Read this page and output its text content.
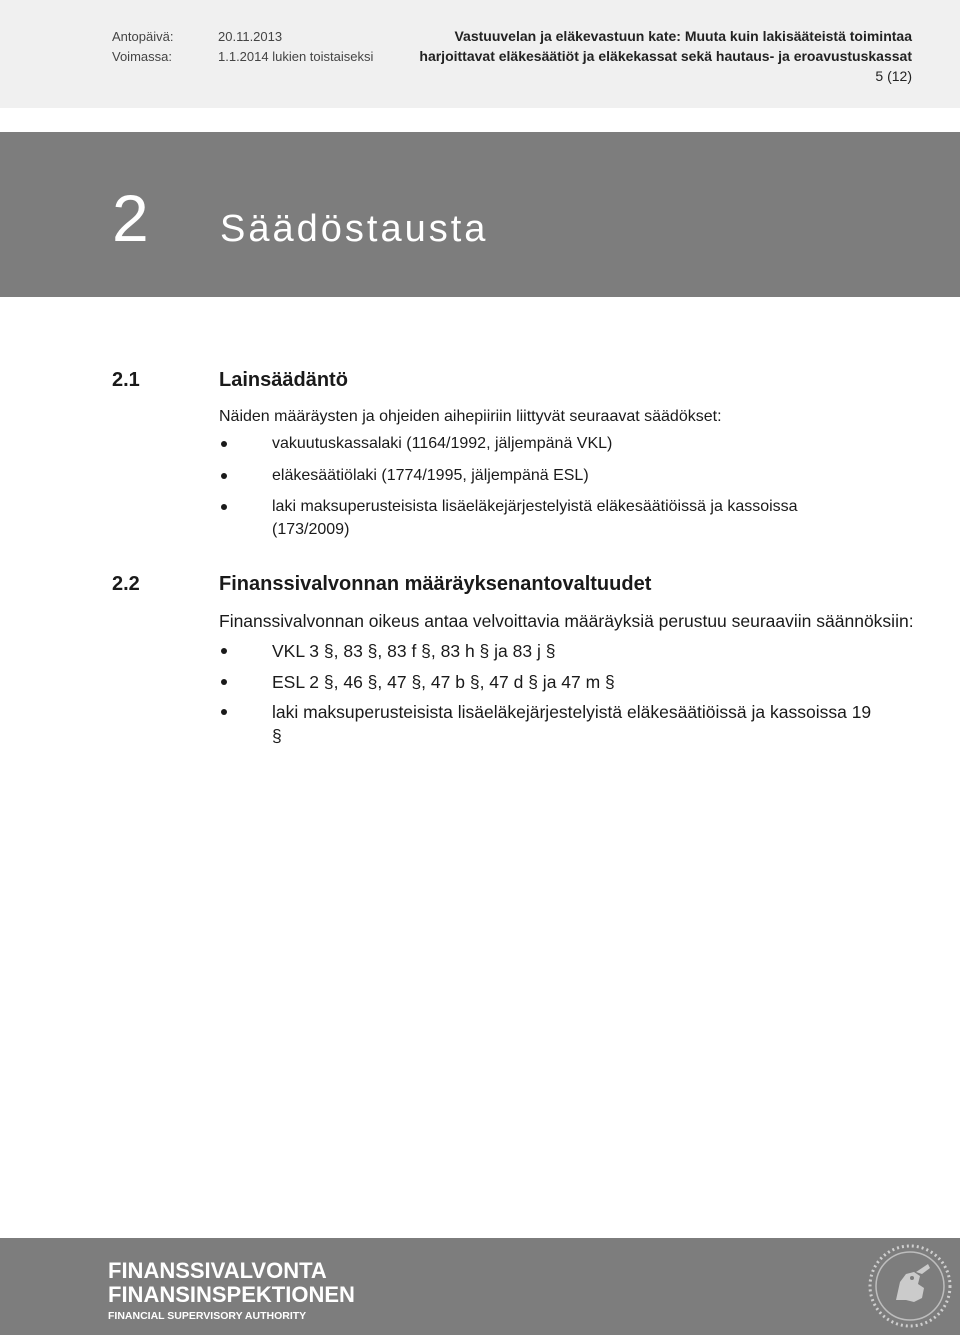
Antopäivä:	20.11.2013
Voimassa:	1.1.2014 lukien toistaiseksi
Vastuuvelan ja eläkevastuun kate: Muuta kuin lakisääteistä toimintaa
harjoittavat eläkesäätiöt ja eläkekassat sekä hautaus- ja eroavustuskassat
5 (12)
2 Säädöstausta
2.1	Lainsäädäntö
Näiden määräysten ja ohjeiden aihepiiriin liittyvät seuraavat säädökset:
vakuutuskassalaki (1164/1992, jäljempänä VKL)
eläkesäätiölaki (1774/1995, jäljempänä ESL)
laki maksuperusteisista lisäeläkejärjestelyistä eläkesäätiöissä ja kassoissa
(173/2009)
2.2	Finanssivalvonnan määräyksenantovaltuudet
Finanssivalvonnan oikeus antaa velvoittavia määräyksiä perustuu seuraaviin säännöksiin:
VKL 3 §, 83 §, 83 f §, 83 h § ja 83 j §
ESL 2 §, 46 §, 47 §, 47 b §, 47 d § ja 47 m §
laki maksuperusteisista lisäeläkejärjestelyistä eläkesäätiöissä ja kassoissa 19
§
FINANSSIVALVONTA
FINANSINSPEKTIONEN
FINANCIAL SUPERVISORY AUTHORITY
